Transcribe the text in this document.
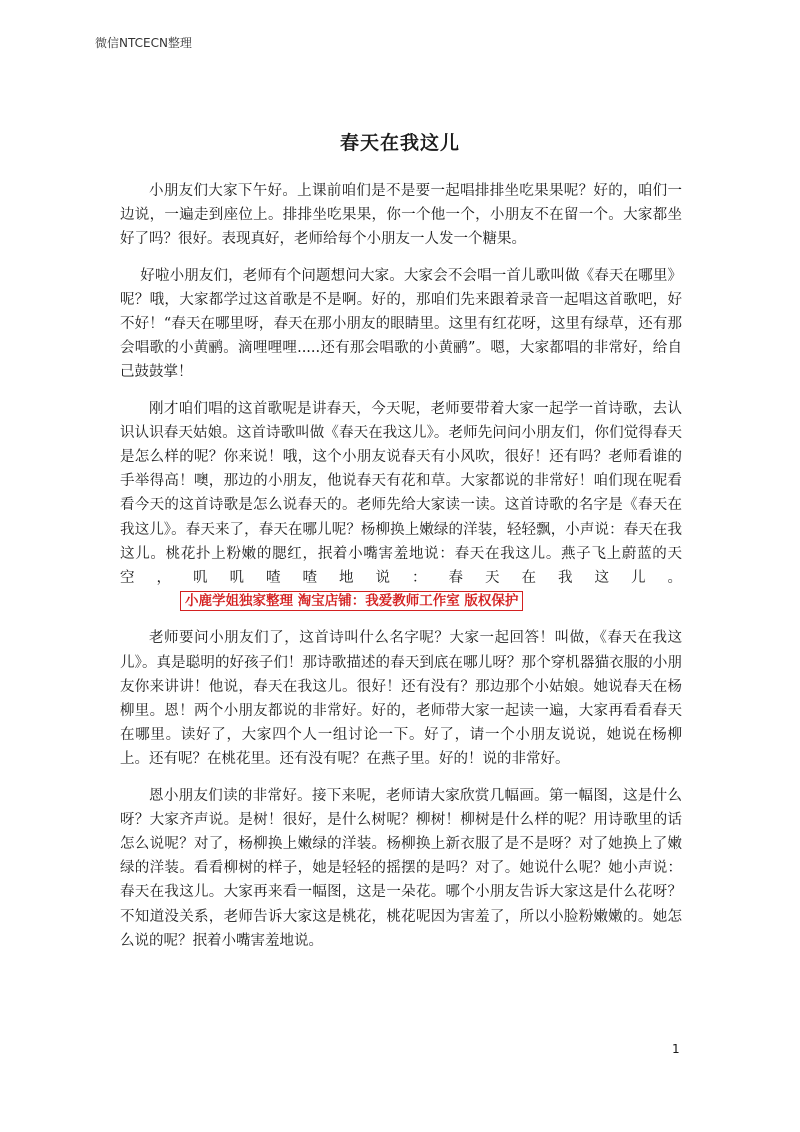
微信NTCECN整理
春天在我这儿

小朋友们大家下午好。上课前咱们是不是要一起唱排排坐吃果果呢？好的，咱们一边说，一遍走到座位上。排排坐吃果果，你一个他一个，小朋友不在留一个。大家都坐好了吗？很好。表现真好，老师给每个小朋友一人发一个糖果。

好啦小朋友们，老师有个问题想问大家。大家会不会唱一首儿歌叫做《春天在哪里》呢？哦，大家都学过这首歌是不是啊。好的，那咱们先来跟着录音一起唱这首歌吧，好不好！“春天在哪里呀，春天在那小朋友的眼睛里。这里有红花呀，这里有绿草，还有那会唱歌的小黄鹂。滴哩哩哩.....还有那会唱歌的小黄鹂”。嗯，大家都唱的非常好，给自己鼓鼓掌！

刚才咱们唱的这首歌呢是讲春天，今天呢，老师要带着大家一起学一首诗歌，去认识认识春天姑娘。这首诗歌叫做《春天在我这儿》。老师先问问小朋友们，你们觉得春天是怎么样的呢？你来说！哦，这个小朋友说春天有小风吹，很好！还有吗？老师看谁的手举得高！噢，那边的小朋友，他说春天有花和草。大家都说的非常好！咱们现在呢看看今天的这首诗歌是怎么说春天的。老师先给大家读一读。这首诗歌的名字是《春天在我这儿》。春天来了，春天在哪儿呢？杨柳换上嫩绿的洋装，轻轻飘，小声说：春天在我这儿。桃花扑上粉嫩的腮红，抿着小嘴害羞地说：春天在我这儿。燕子飞上蔚蓝的天空，叽叽喳喳地说：春天在我这儿。小鹿学姐独家整理 淘宝店铺：我爱教师工作室 版权保护

老师要问小朋友们了，这首诗叫什么名字呢？大家一起回答！叫做，《春天在我这儿》。真是聪明的好孩子们！那诗歌描述的春天到底在哪儿呀？那个穿机器猫衣服的小朋友你来讲讲！他说，春天在我这儿。很好！还有没有？那边那个小姑娘。她说春天在杨柳里。恩！两个小朋友都说的非常好。好的，老师带大家一起读一遍，大家再看看春天在哪里。读好了，大家四个人一组讨论一下。好了，请一个小朋友说说，她说在杨柳上。还有呢？在桃花里。还有没有呢？在燕子里。好的！说的非常好。

恩小朋友们读的非常好。接下来呢，老师请大家欣赏几幅画。第一幅图，这是什么呀？大家齐声说。是树！很好，是什么树呢？柳树！柳树是什么样的呢？用诗歌里的话怎么说呢？对了，杨柳换上嫩绿的洋装。杨柳换上新衣服了是不是呀？对了她换上了嫩绿的洋装。看看柳树的样子，她是轻轻的摇摆的是吗？对了。她说什么呢？她小声说：春天在我这儿。大家再来看一幅图，这是一朵花。哪个小朋友告诉大家这是什么花呀？不知道没关系，老师告诉大家这是桃花，桃花呢因为害羞了，所以小脸粉嫩嫩的。她怎么说的呢？抿着小嘴害羞地说。

1
